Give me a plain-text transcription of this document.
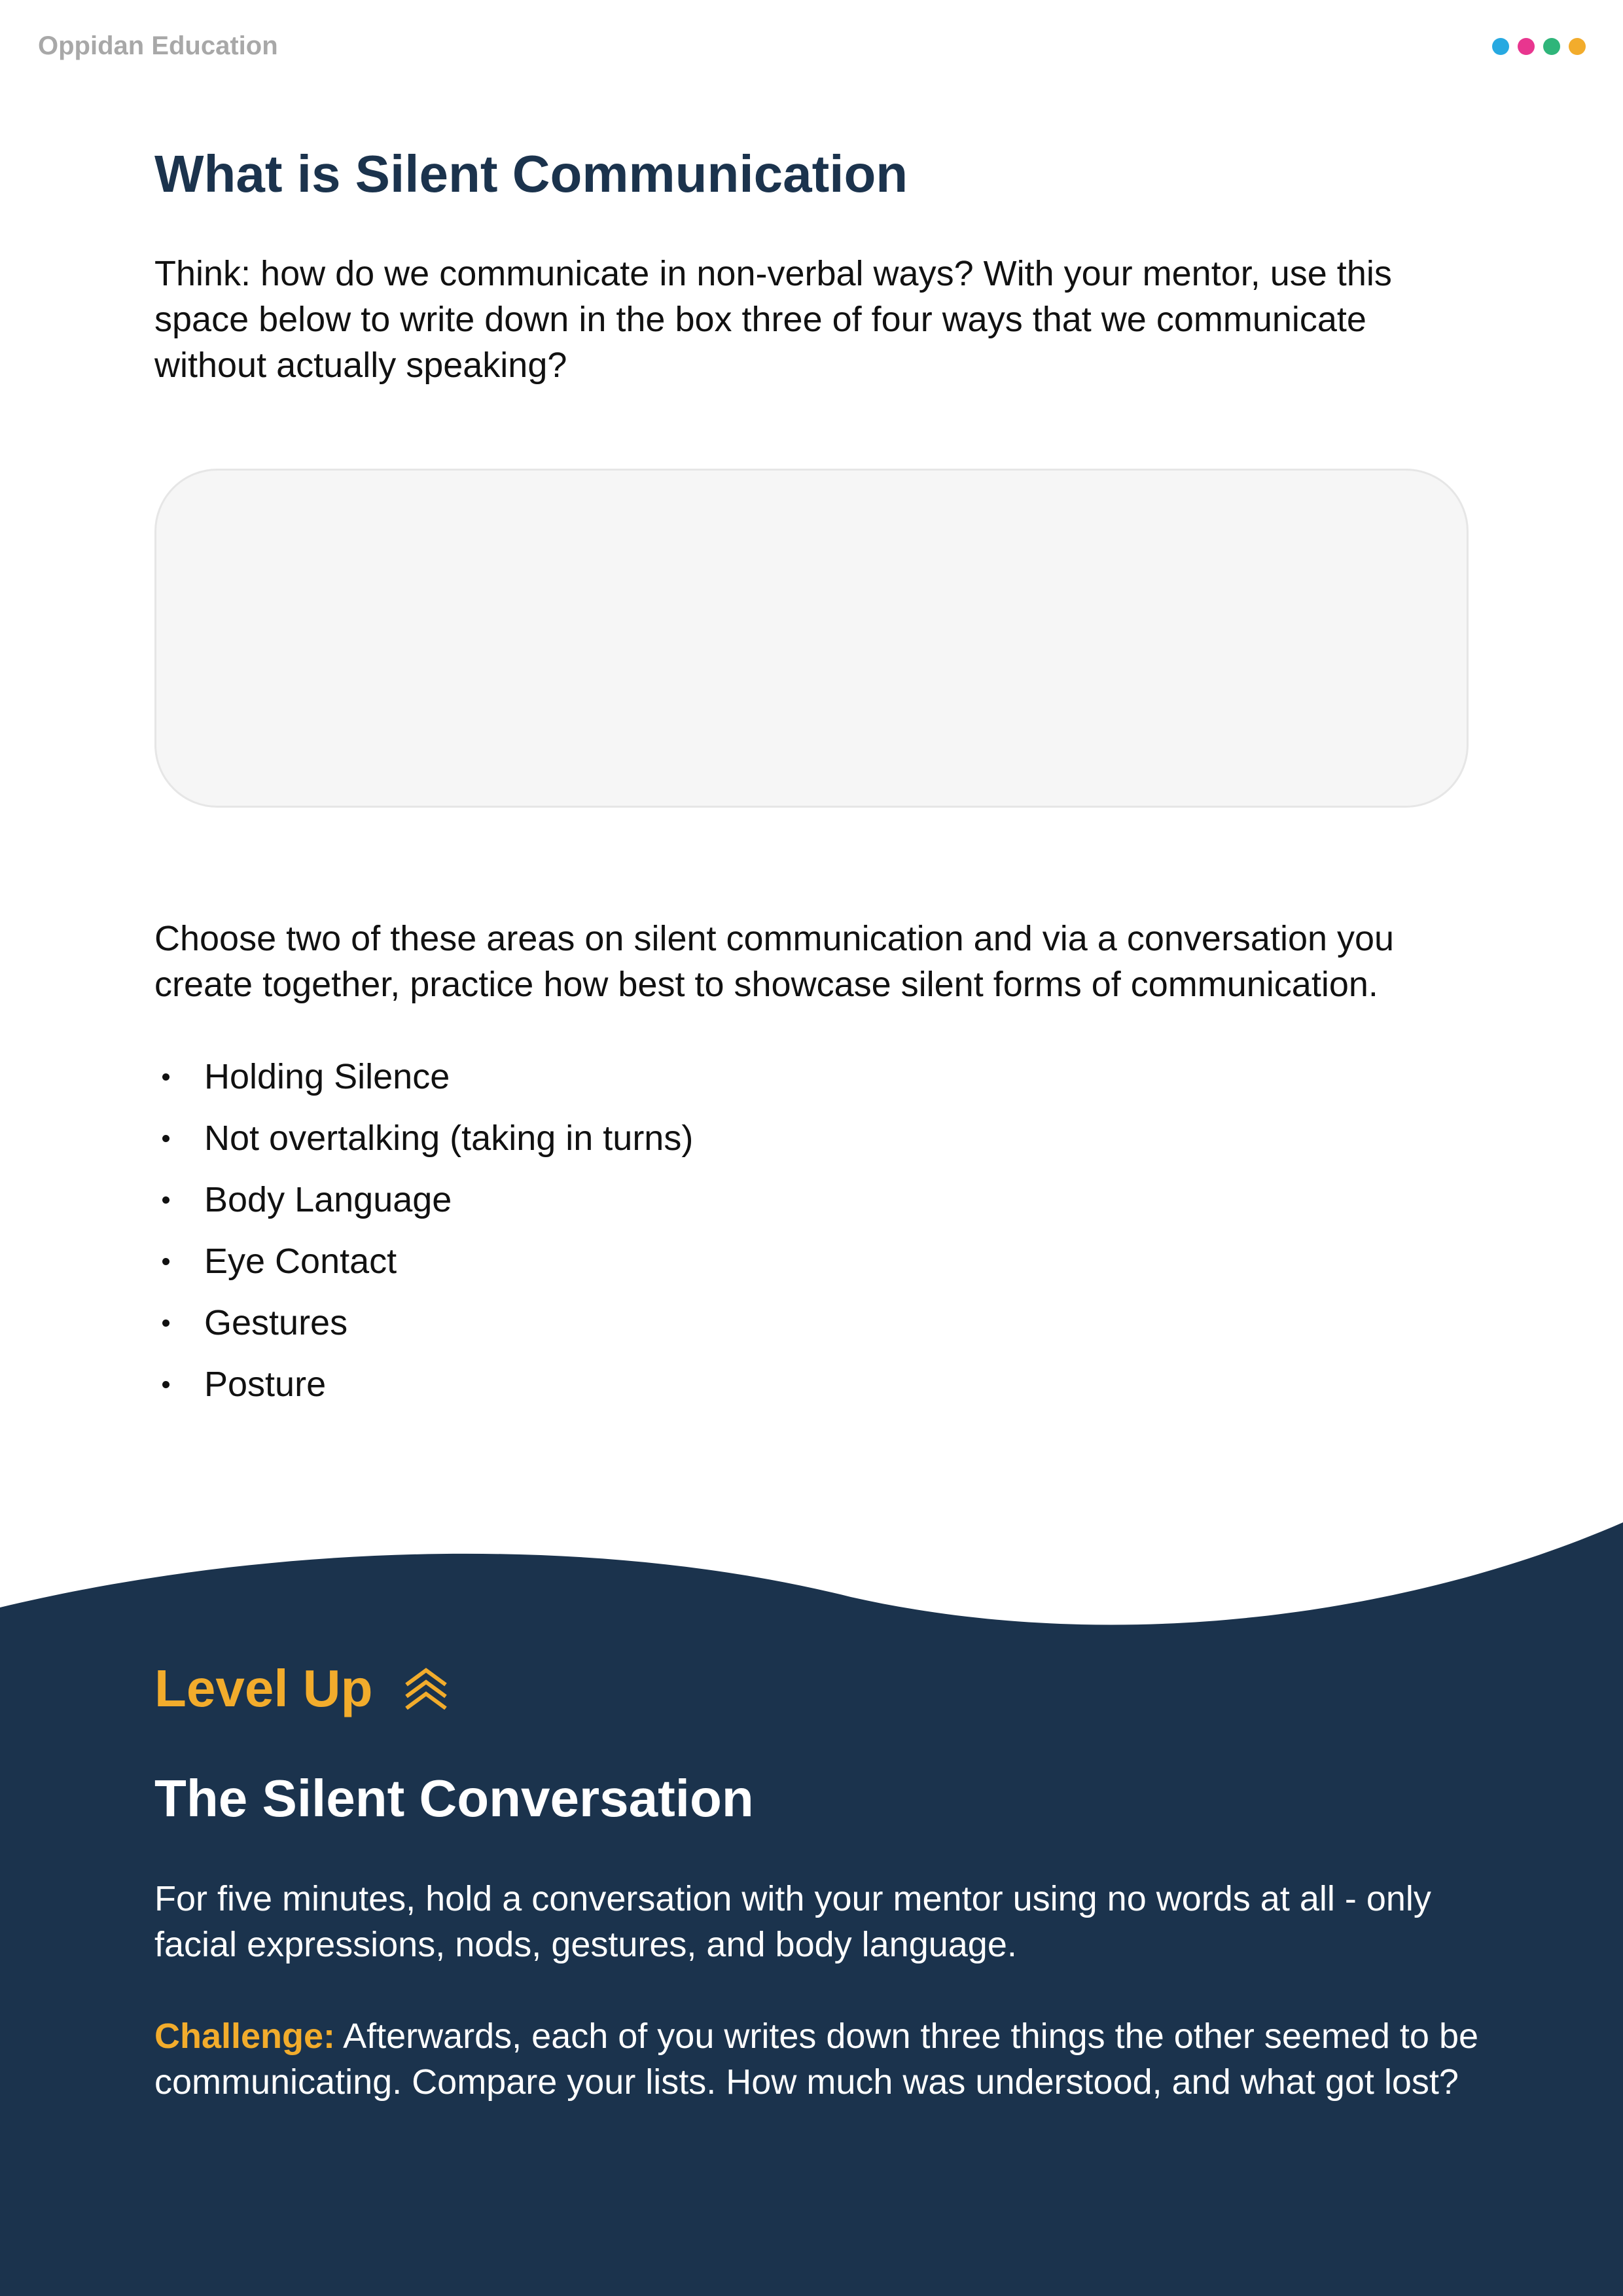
Oppidan Education
What is Silent Communication

Think: how do we communicate in non-verbal ways? With your mentor, use this space below to write down in the box three of four ways that we communicate without actually speaking?

Choose two of these areas on silent communication and via a conversation you create together, practice how best to showcase silent forms of communication.

Holding Silence
Not overtalking (taking in turns)
Body Language
Eye Contact
Gestures
Posture
Level Up
The Silent Conversation

For five minutes, hold a conversation with your mentor using no words at all - only facial expressions, nods, gestures, and body language.

Challenge: Afterwards, each of you writes down three things the other seemed to be communicating. Compare your lists. How much was understood, and what got lost?
